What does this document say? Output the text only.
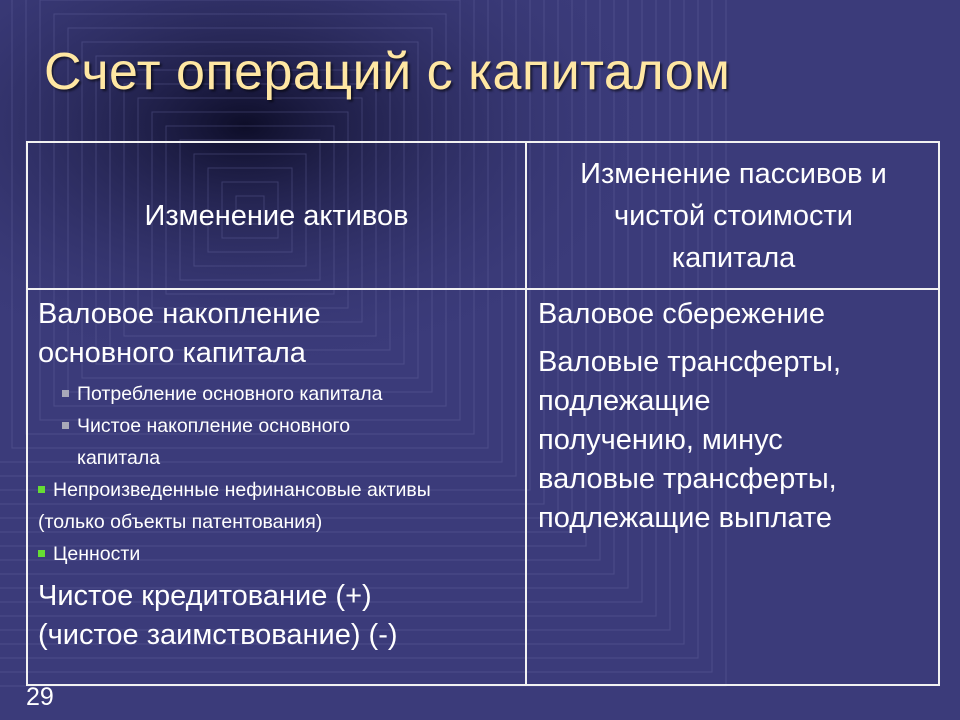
Счет операций с капиталом
Изменение активов
Изменение пассивов и
чистой стоимости
капитала
Валовое накопление
основного капитала
Потребление основного капитала
Чистое накопление основного
капитала
Непроизведенные нефинансовые активы
(только объекты патентования)
Ценности
Чистое кредитование (+)
(чистое заимствование) (-)
Валовое сбережение
Валовые трансферты,
подлежащие
получению, минус
валовые трансферты,
подлежащие выплате
29
